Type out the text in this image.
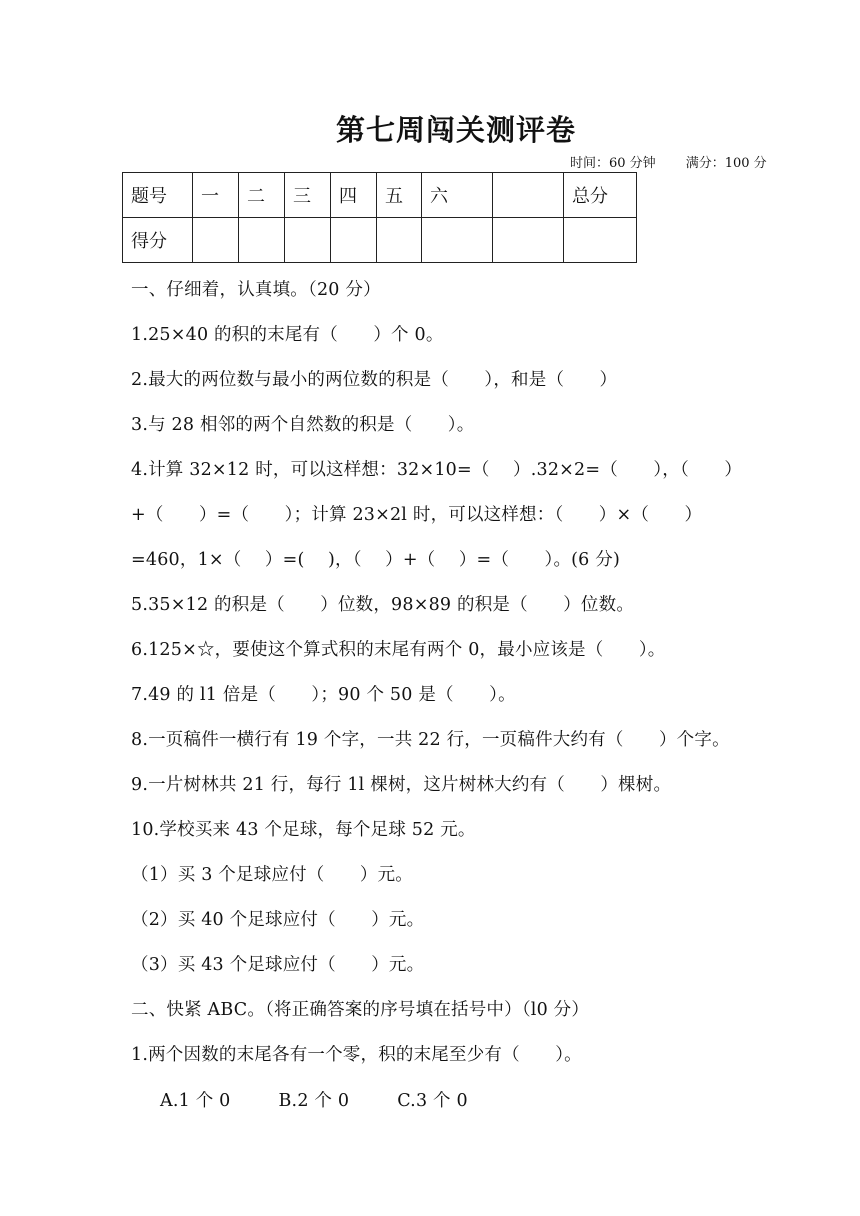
第七周闯关测评卷
时间：60 分钟 满分：100 分
题号	一	二	三	四	五	六		总分
得分								
一、仔细着，认真填。（20 分）
1.25×40 的积的末尾有（　　）个 0。
2.最大的两位数与最小的两位数的积是（　　），和是（　　）
3.与 28 相邻的两个自然数的积是（　　）。
4.计算 32×12 时，可以这样想：32×10=（　 ）.32×2=（　　），（　　）
+（　　）=（　　）；计算 23×2l 时，可以这样想：（　　）×（　　）
=460，1×（　 ）=(　 )，（　 ）+（　 ）=（　　）。(6 分)
5.35×12 的积是（　　）位数，98×89 的积是（　　）位数。
6.125×☆，要使这个算式积的末尾有两个 0，最小应该是（　　）。
7.49 的 l1 倍是（　　）；90 个 50 是（　　）。
8.一页稿件一横行有 19 个字，一共 22 行，一页稿件大约有（　　）个字。
9.一片树林共 21 行，每行 1l 棵树，这片树林大约有（　　）棵树。
10.学校买来 43 个足球，每个足球 52 元。
（1）买 3 个足球应付（　　）元。
（2）买 40 个足球应付（　　）元。
（3）买 43 个足球应付（　　）元。
二、快紧 ABC。（将正确答案的序号填在括号中）（l0 分）
1.两个因数的末尾各有一个零，积的末尾至少有（　　）。
A.1 个 0	B.2 个 0	C.3 个 0
